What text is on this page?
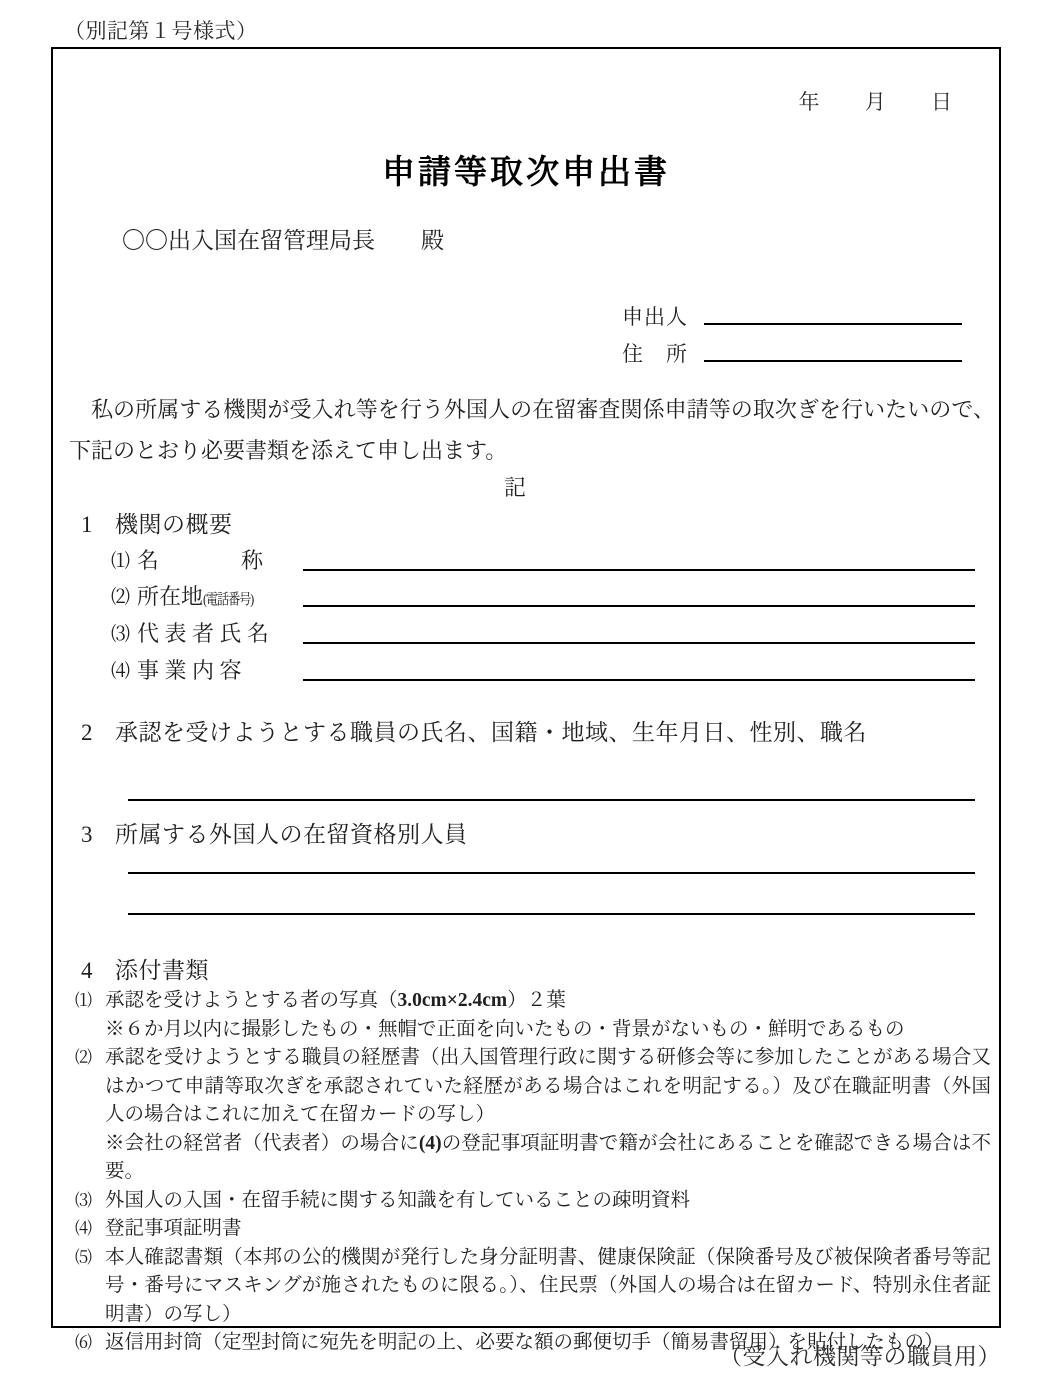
（別記第１号様式）
年 月 日
申請等取次申出書
〇〇出入国在留管理局長 殿
申出人
住　所
私の所属する機関が受入れ等を行う外国人の在留審査関係申請等の取次ぎを行いたいので、下記のとおり必要書類を添えて申し出ます。
記
1 機関の概要
⑴ 名称
⑵ 所在地(電話番号)
⑶ 代 表 者 氏 名
⑷ 事 業 内 容
2 承認を受けようとする職員の氏名、国籍・地域、生年月日、性別、職名
3 所属する外国人の在留資格別人員
4 添付書類
⑴ 承認を受けようとする者の写真（3.0cm×2.4cm）２葉
※６か月以内に撮影したもの・無帽で正面を向いたもの・背景がないもの・鮮明であるもの
⑵ 承認を受けようとする職員の経歴書（出入国管理行政に関する研修会等に参加したことがある場合又はかつて申請等取次ぎを承認されていた経歴がある場合はこれを明記する。）及び在職証明書（外国人の場合はこれに加えて在留カードの写し）
※会社の経営者（代表者）の場合に(4)の登記事項証明書で籍が会社にあることを確認できる場合は不要。
⑶ 外国人の入国・在留手続に関する知識を有していることの疎明資料
⑷ 登記事項証明書
⑸ 本人確認書類（本邦の公的機関が発行した身分証明書、健康保険証（保険番号及び被保険者番号等記号・番号にマスキングが施されたものに限る。）、住民票（外国人の場合は在留カード、特別永住者証明書）の写し）
⑹ 返信用封筒（定型封筒に宛先を明記の上、必要な額の郵便切手（簡易書留用）を貼付したもの）
（受入れ機関等の職員用）
